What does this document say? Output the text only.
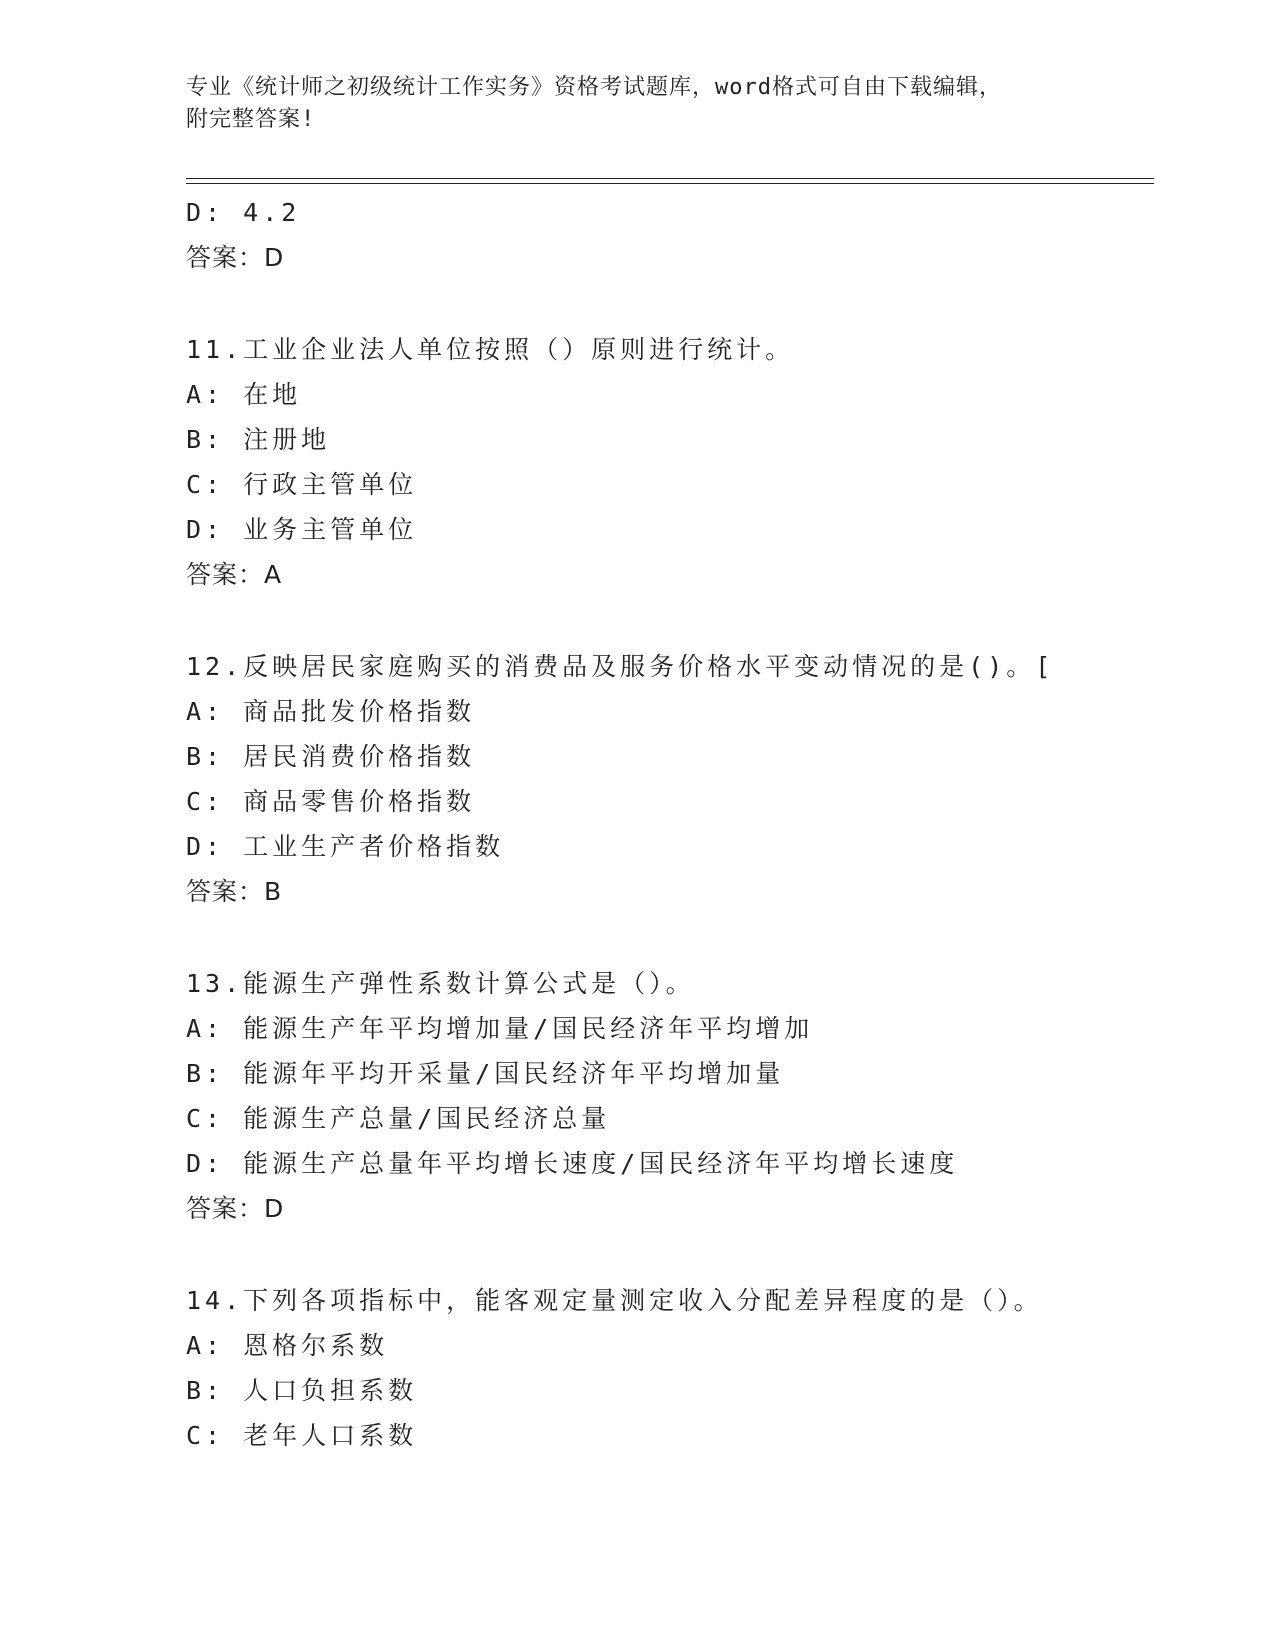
专业《统计师之初级统计工作实务》资格考试题库，word格式可自由下载编辑，
附完整答案!
D: 4.2
答案：D
11.工业企业法人单位按照（）原则进行统计。
A: 在地
B: 注册地
C: 行政主管单位
D: 业务主管单位
答案：A
12.反映居民家庭购买的消费品及服务价格水平变动情况的是()。[
A: 商品批发价格指数
B: 居民消费价格指数
C: 商品零售价格指数
D: 工业生产者价格指数
答案：B
13.能源生产弹性系数计算公式是（）。
A: 能源生产年平均增加量/国民经济年平均增加
B: 能源年平均开采量/国民经济年平均增加量
C: 能源生产总量/国民经济总量
D: 能源生产总量年平均增长速度/国民经济年平均增长速度
答案：D
14.下列各项指标中，能客观定量测定收入分配差异程度的是（）。
A: 恩格尔系数
B: 人口负担系数
C: 老年人口系数
